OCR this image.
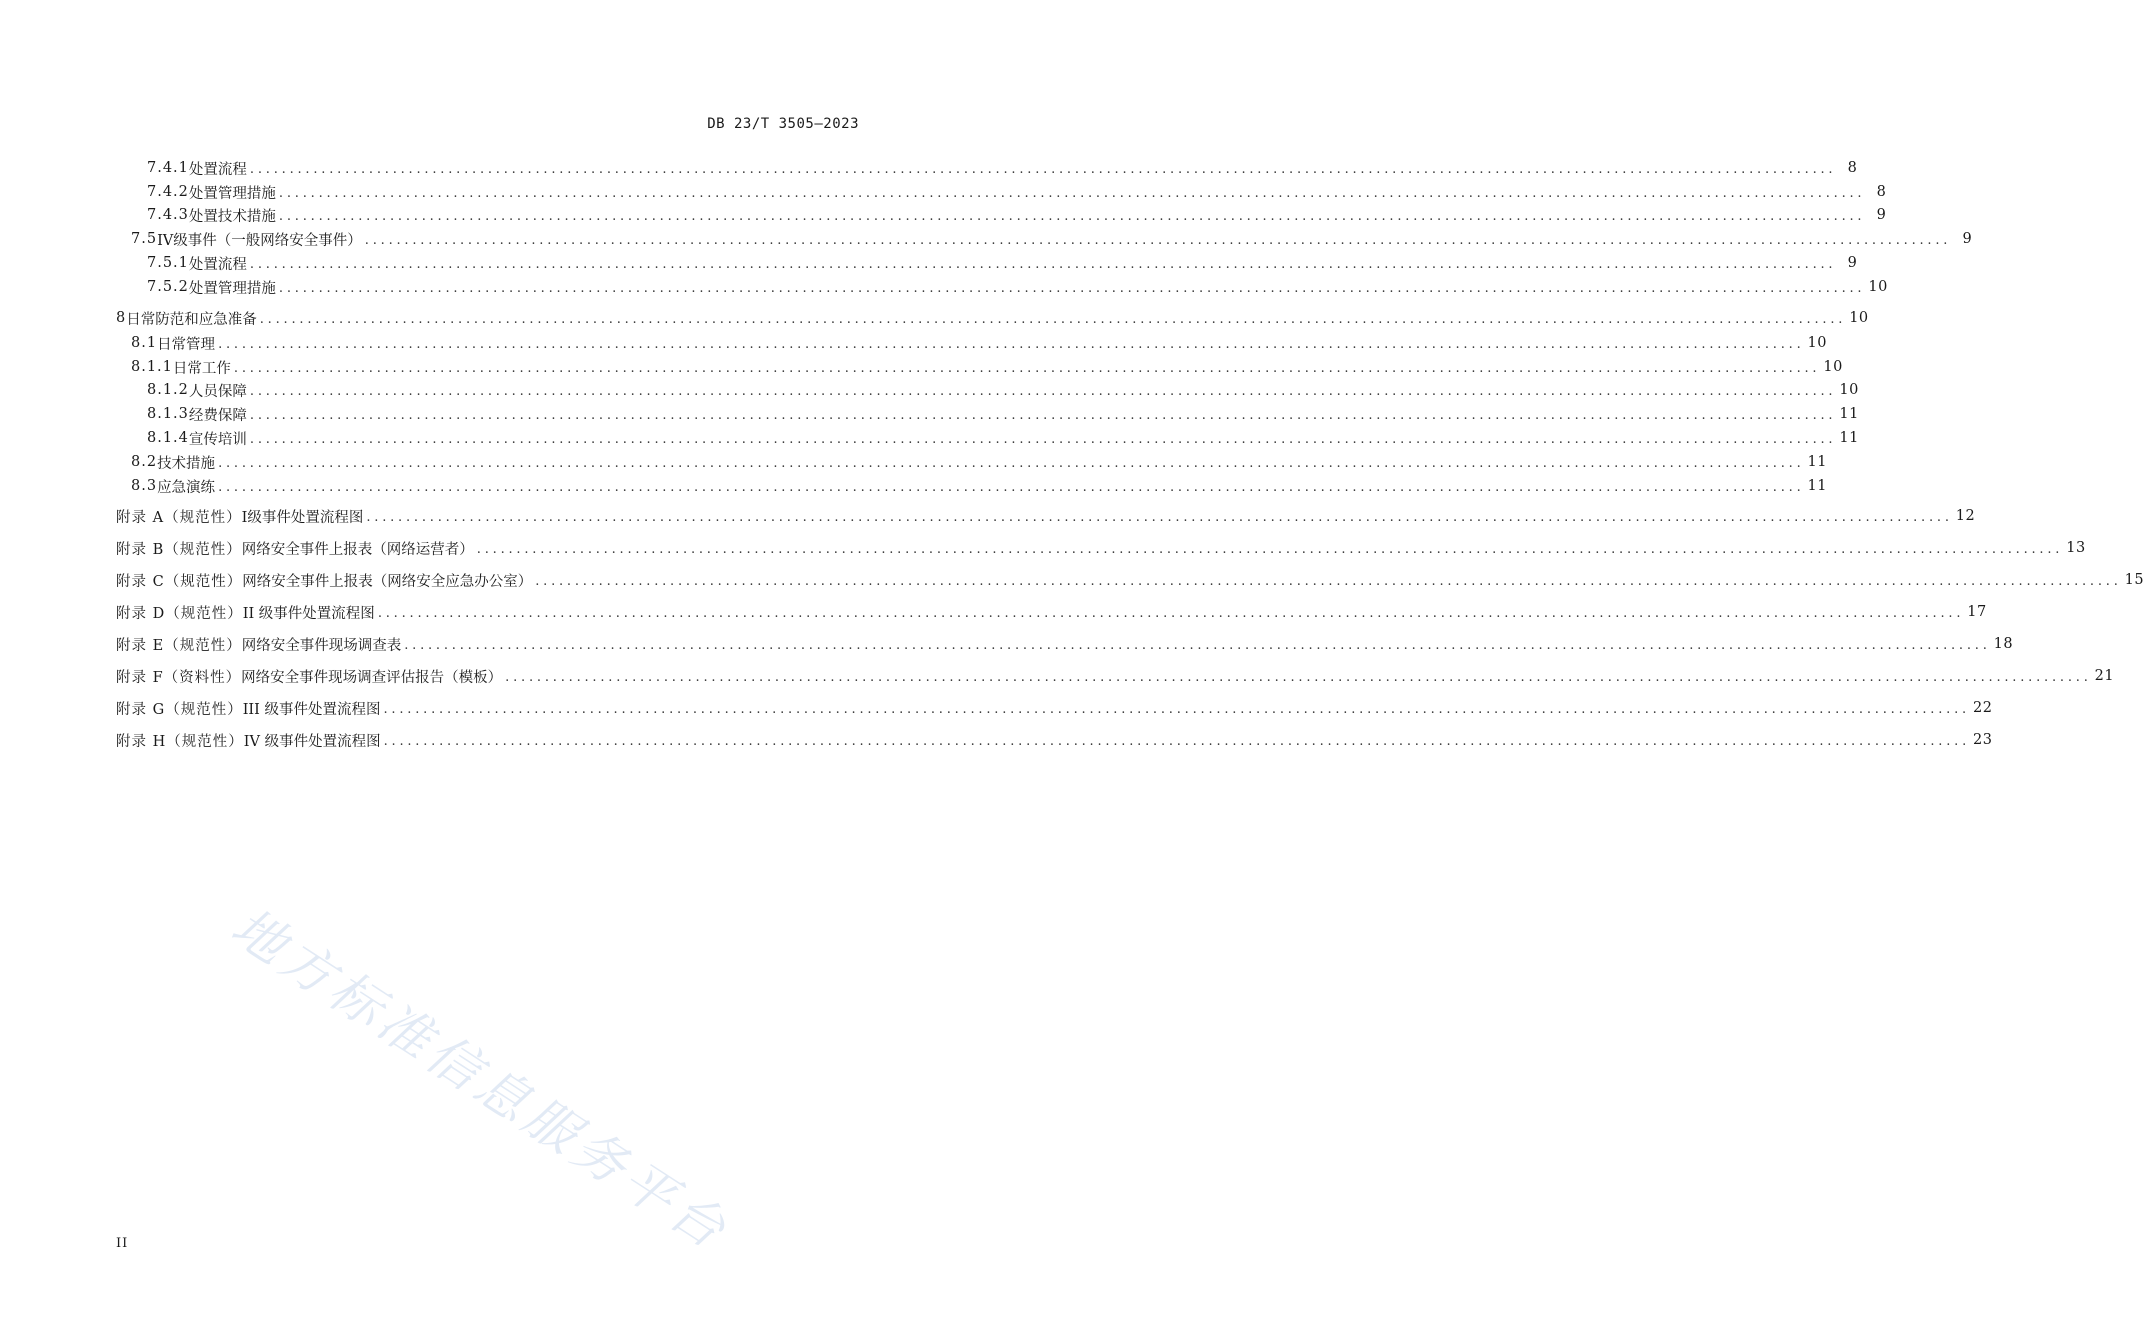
DB 23/T 3505—2023
7.4.1 处置流程 ........................................................................................................................................................................................................ 8
7.4.2 处置管理措施 ........................................................................................................................................................................................................ 8
7.4.3 处置技术措施 ........................................................................................................................................................................................................ 9
7.5 IV级事件（一般网络安全事件） ........................................................................................................................................................................................................ 9
7.5.1 处置流程 ........................................................................................................................................................................................................ 9
7.5.2 处置管理措施 ........................................................................................................................................................................................................ 10
8 日常防范和应急准备 ........................................................................................................................................................................................................ 10
8.1 日常管理 ........................................................................................................................................................................................................ 10
8.1.1 日常工作 ........................................................................................................................................................................................................ 10
8.1.2 人员保障 ........................................................................................................................................................................................................ 10
8.1.3 经费保障 ........................................................................................................................................................................................................ 11
8.1.4 宣传培训 ........................................................................................................................................................................................................ 11
8.2 技术措施 ........................................................................................................................................................................................................ 11
8.3 应急演练 ........................................................................................................................................................................................................ 11
附录 A（规范性） I级事件处置流程图 ........................................................................................................................................................................................................ 12
附录 B（规范性） 网络安全事件上报表（网络运营者） ........................................................................................................................................................................................................ 13
附录 C（规范性） 网络安全事件上报表（网络安全应急办公室） ........................................................................................................................................................................................................ 15
附录 D（规范性） II 级事件处置流程图 ........................................................................................................................................................................................................ 17
附录 E（规范性） 网络安全事件现场调查表 ........................................................................................................................................................................................................ 18
附录 F（资料性） 网络安全事件现场调查评估报告（模板） ........................................................................................................................................................................................................ 21
附录 G（规范性） III 级事件处置流程图 ........................................................................................................................................................................................................ 22
附录 H（规范性） IV 级事件处置流程图 ........................................................................................................................................................................................................ 23
地方标准信息服务平台
II
